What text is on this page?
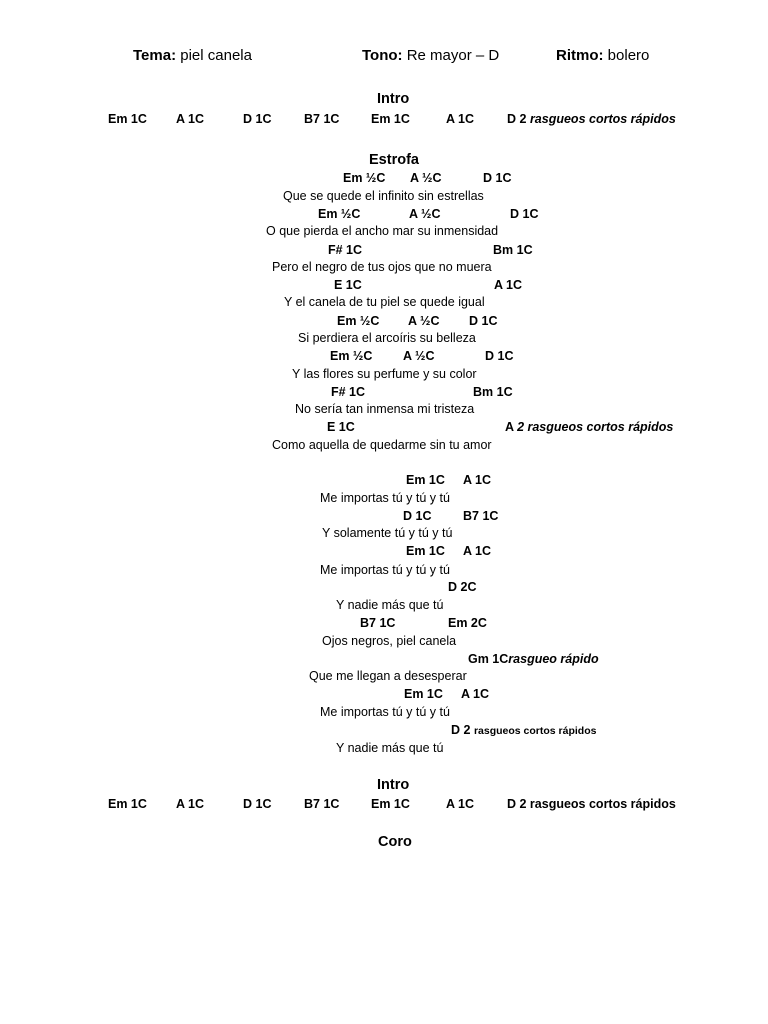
Tema: piel canela	Tono: Re mayor – D	Ritmo: bolero
Intro
Em 1C A 1C	D 1C	B7 1C	Em 1C	A 1C	D 2 rasgueos cortos rápidos
Estrofa
Em ½C A ½C	D 1C
Que se quede el infinito sin estrellas
Em ½C	A ½C	D 1C
O que pierda el ancho mar su inmensidad
F# 1C	Bm 1C
Pero el negro de tus ojos que no muera
E 1C	A 1C
Y el canela de tu piel se quede igual
Em ½C A ½C D 1C
Si perdiera el arcoíris su belleza
Em ½C A ½C	D 1C
Y las flores su perfume y su color
F# 1C	Bm 1C
No sería tan inmensa mi tristeza
E 1C	A 2 rasgueos cortos rápidos
Como aquella de quedarme sin tu amor
Em 1C A 1C
Me importas tú y tú y tú
D 1C	B7 1C
Y solamente tú y tú y tú
Em 1C A 1C
Me importas tú y tú y tú
D 2C
Y nadie más que tú
B7 1C	Em 2C
Ojos negros, piel canela
Gm 1Crasgueo rápido
Que me llegan a desesperar
Em 1C A 1C
Me importas tú y tú y tú
D 2 rasgueos cortos rápidos
Y nadie más que tú
Intro
Em 1C A 1C	D 1C	B7 1C	Em 1C	A 1C	D 2 rasgueos cortos rápidos
Coro
